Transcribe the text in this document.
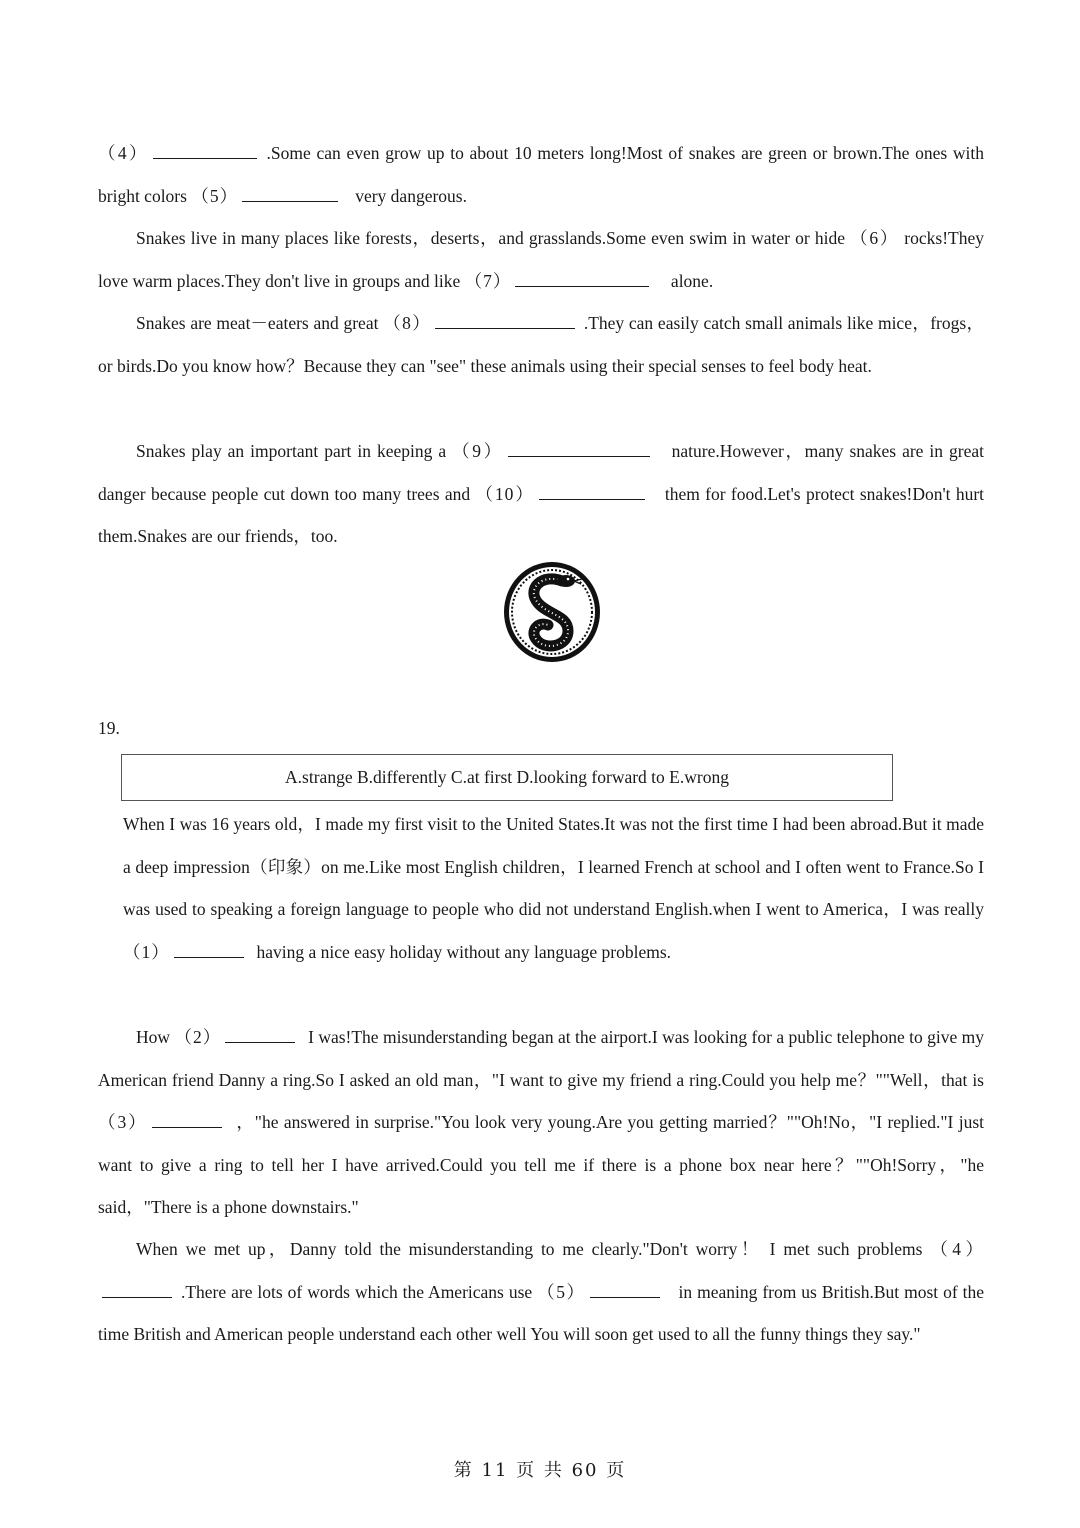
（4）	.Some can even grow up to about 10 meters long!Most of snakes are green or brown.The ones with bright colors （5）	very dangerous.

Snakes live in many places like forests，deserts，and grasslands.Some even swim in water or hide （6） rocks!They love warm places.They don't live in groups and like （7）	alone.

Snakes are meat－eaters and great （8）	.They can easily catch small animals like mice，frogs，or birds.Do you know how？Because they can "see" these animals using their special senses to feel body heat.

Snakes play an important part in keeping a （9）	nature.However，many snakes are in great danger because people cut down too many trees and （10）	them for food.Let's protect snakes!Don't hurt them.Snakes are our friends，too.

19.
A.strange B.differently C.at first D.looking forward to E.wrong

When I was 16 years old，I made my first visit to the United States.It was not the first time I had been abroad.But it made a deep impression（印象）on me.Like most English children，I learned French at school and I often went to France.So I was used to speaking a foreign language to people who did not understand English.when I went to America，I was really （1）	having a nice easy holiday without any language problems.

How （2）	I was!The misunderstanding began at the airport.I was looking for a public telephone to give my American friend Danny a ring.So I asked an old man，"I want to give my friend a ring.Could you help me？""Well，that is （3）	，"he answered in surprise."You look very young.Are you getting married？""Oh!No，"I replied."I just want to give a ring to tell her I have arrived.Could you tell me if there is a phone box near here？""Oh!Sorry，"he said，"There is a phone downstairs."

When we met up，Danny told the misunderstanding to me clearly."Don't worry！ I met such problems （4） .There are lots of words which the Americans use （5）	in meaning from us British.But most of the time British and American people understand each other well You will soon get used to all the funny things they say."

第 11 页 共 60 页
